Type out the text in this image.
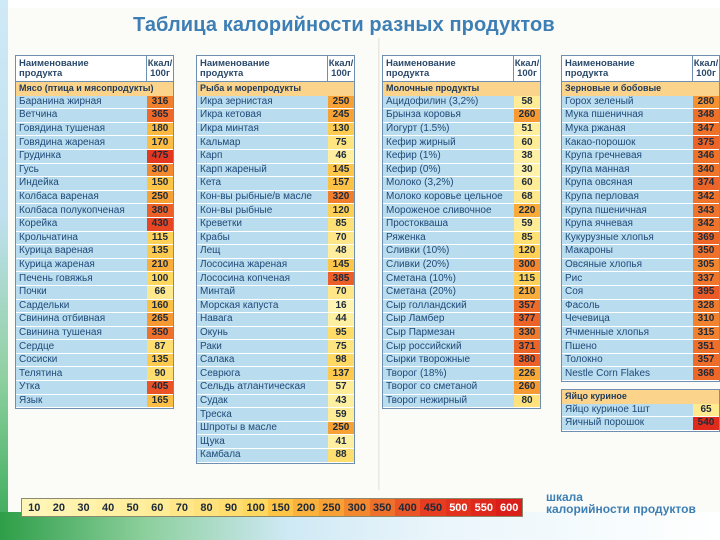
Таблица калорийности разных продуктов
Наименование
продукта
Ккал/
100г
Мясо (птица и мясопродукты)
Баранина жирная	316
Ветчина	365
Говядина тушеная	180
Говядина жареная	170
Грудинка	475
Гусь	300
Индейка	150
Колбаса вареная	250
Колбаса полукопченая	380
Корейка	430
Крольчатина	115
Курица вареная	135
Курица жареная	210
Печень говяжья	100
Почки	66
Сардельки	160
Свинина отбивная	265
Свинина тушеная	350
Сердце	87
Сосиски	135
Телятина	90
Утка	405
Язык	165
Наименование
продукта
Ккал/
100г
Рыба и морепродукты
Икра зернистая	250
Икра кетовая	245
Икра минтая	130
Кальмар	75
Карп	46
Карп жареный	145
Кета	157
Кон-вы рыбные/в масле	320
Кон-вы рыбные	120
Креветки	85
Крабы	70
Лещ	48
Лососина жареная	145
Лососина копченая	385
Минтай	70
Морская капуста	16
Навага	44
Окунь	95
Раки	75
Салака	98
Севрюга	137
Сельдь атлантическая	57
Судак	43
Треска	59
Шпроты в масле	250
Щука	41
Камбала	88
Наименование
продукта
Ккал/
100г
Молочные продукты
Ацидофилин (3,2%)	58
Брынза коровья	260
Йогурт (1.5%)	51
Кефир жирный	60
Кефир (1%)	38
Кефир (0%)	30
Молоко (3,2%)	60
Молоко коровье цельное	68
Мороженое сливочное	220
Простокваша	59
Ряженка	85
Сливки (10%)	120
Сливки (20%)	300
Сметана (10%)	115
Сметана (20%)	210
Сыр голландский	357
Сыр Ламбер	377
Сыр Пармезан	330
Сыр российский	371
Сырки творожные	380
Творог (18%)	226
Творог со сметаной	260
Творог нежирный	80
Наименование
продукта
Ккал/
100г
Зерновые и бобовые
Горох зеленый	280
Мука пшеничная	348
Мука ржаная	347
Какао-порошок	375
Крупа гречневая	346
Крупа манная	340
Крупа овсяная	374
Крупа перловая	342
Крупа пшеничная	343
Крупа ячневая	342
Кукурузные хлопья	369
Макароны	350
Овсяные хлопья	305
Рис	337
Соя	395
Фасоль	328
Чечевица	310
Ячменные хлопья	315
Пшено	351
Толокно	357
Nestle Corn Flakes	368
Яйцо куриное
Яйцо куриное 1шт	65
Яичный порошок	540
10	20	30	40	50	60	70	80	90 100 150 200 250 300 350 400 450 500 550 600

шкала
калорийности продуктов
